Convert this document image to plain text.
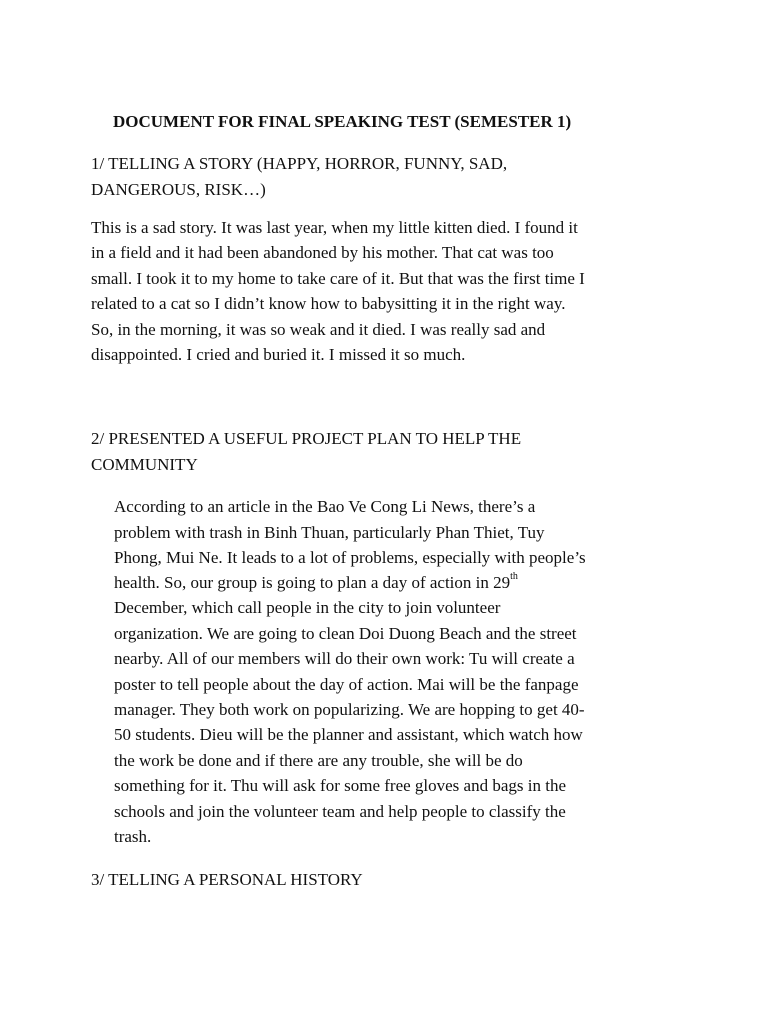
DOCUMENT FOR FINAL SPEAKING TEST (SEMESTER 1)

1/ TELLING A STORY (HAPPY, HORROR, FUNNY, SAD,

DANGEROUS, RISK…)

This is a sad story. It was last year, when my little kitten died. I found it

in a field and it had been abandoned by his mother. That cat was too

small. I took it to my home to take care of it. But that was the first time I

related to a cat so I didn’t know how to babysitting it in the right way.

So, in the morning, it was so weak and it died. I was really sad and

disappointed. I cried and buried it. I missed it so much.

2/ PRESENTED A USEFUL PROJECT PLAN TO HELP THE

COMMUNITY

According to an article in the Bao Ve Cong Li News, there’s a

problem with trash in Binh Thuan, particularly Phan Thiet, Tuy

Phong, Mui Ne. It leads to a lot of problems, especially with people’s

health. So, our group is going to plan a day of action in 29th

December, which call people in the city to join volunteer

organization. We are going to clean Doi Duong Beach and the street

nearby. All of our members will do their own work: Tu will create a

poster to tell people about the day of action. Mai will be the fanpage

manager. They both work on popularizing. We are hopping to get 40-

50 students. Dieu will be the planner and assistant, which watch how

the work be done and if there are any trouble, she will be do

something for it. Thu will ask for some free gloves and bags in the

schools and join the volunteer team and help people to classify the

trash.

3/ TELLING A PERSONAL HISTORY
